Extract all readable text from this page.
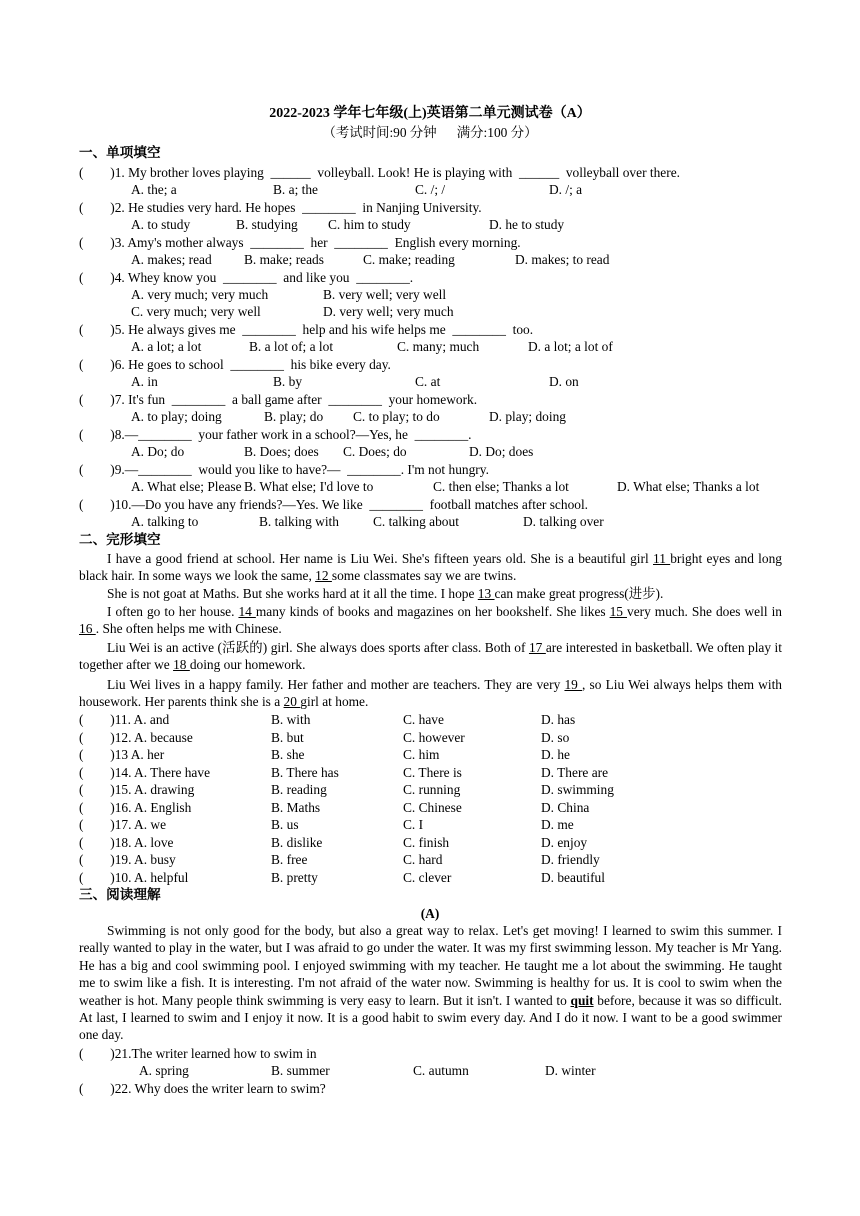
2022-2023 学年七年级(上)英语第二单元测试卷（A）
（考试时间:90 分钟      满分:100 分）
一、单项填空
(        )1. My brother loves playing  ______  volleyball. Look! He is playing with  ______  volleyball over there.
A. the; a	B. a; the	C. /; /	D. /; a
(        )2. He studies very hard. He hopes  ________  in Nanjing University.
A. to study	B. studying C. him to study	D. he to study
(        )3. Amy's mother always  ________  her  ________  English every morning.
A. makes; read B. make; reads	C. make; reading	D. makes; to read
(        )4. Whey know you  ________  and like you  ________.
A. very much; very much	B. very well; very well
C. very much; very well	D. very well; very much
(        )5. He always gives me  ________  help and his wife helps me  ________  too.
A. a lot; a lot	B. a lot of; a lot	C. many; much	D. a lot; a lot of
(        )6. He goes to school  ________  his bike every day.
A. in	B. by	C. at	D. on
(        )7. It's fun  ________  a ball game after  ________  your homework.
A. to play; doing	B. play; do C. to play; to do	D. play; doing
(        )8.—________  your father work in a school?—Yes, he  ________.
A. Do; do	B. Does; does C. Does; do	D. Do; does
(        )9.—________  would you like to have?—  ________. I'm not hungry.
A. What else; Please B. What else; I'd love to	C. then else; Thanks a lot	D. What else; Thanks a lot
(        )10.—Do you have any friends?—Yes. We like  ________  football matches after school.
A. talking to	B. talking with	C. talking about	D. talking over
二、完形填空
I have a good friend at school. Her name is Liu Wei. She's fifteen years old. She is a beautiful girl 11 bright eyes and long black hair. In some ways we look the same, 12 some classmates say we are twins.
She is not goat at Maths. But she works hard at it all the time. I hope 13 can make great progress(进步).
I often go to her house. 14 many kinds of books and magazines on her bookshelf. She likes 15 very much. She does well in 16 . She often helps me with Chinese.
Liu Wei is an active (活跃的) girl. She always does sports after class. Both of 17 are interested in basketball. We often play it together after we 18 doing our homework.
Liu Wei lives in a happy family. Her father and mother are teachers. They are very 19 , so Liu Wei always helps them with housework. Her parents think she is a 20 girl at home.
(        )11. A. and	B. with	C. have	D. has
(        )12. A. because	B. but	C. however	D. so
(        )13 A. her	B. she	C. him	D. he
(        )14. A. There have	B. There has	C. There is	D. There are
(        )15. A. drawing	B. reading	C. running	D. swimming
(        )16. A. English	B. Maths	C. Chinese	D. China
(        )17. A. we	B. us	C. I	D. me
(        )18. A. love	B. dislike	C. finish	D. enjoy
(        )19. A. busy	B. free	C. hard	D. friendly
(        )10. A. helpful	B. pretty	C. clever	D. beautiful
三、阅读理解
(A)
Swimming is not only good for the body, but also a great way to relax. Let's get moving! I learned to swim this summer. I really wanted to play in the water, but I was afraid to go under the water. It was my first swimming lesson. My teacher is Mr Yang. He has a big and cool swimming pool. I enjoyed swimming with my teacher. He taught me a lot about the swimming. He taught me to swim like a fish. It is interesting. I'm not afraid of the water now. Swimming is healthy for us. It is cool to swim when the weather is hot. Many people think swimming is very easy to learn. But it isn't. I wanted to quit before, because it was so difficult. At last, I learned to swim and I enjoy it now. It is a good habit to swim every day. And I do it now. I want to be a good swimmer one day.
(        )21.The writer learned how to swim in
A. spring	B. summer	C. autumn	D. winter
(        )22. Why does the writer learn to swim?
